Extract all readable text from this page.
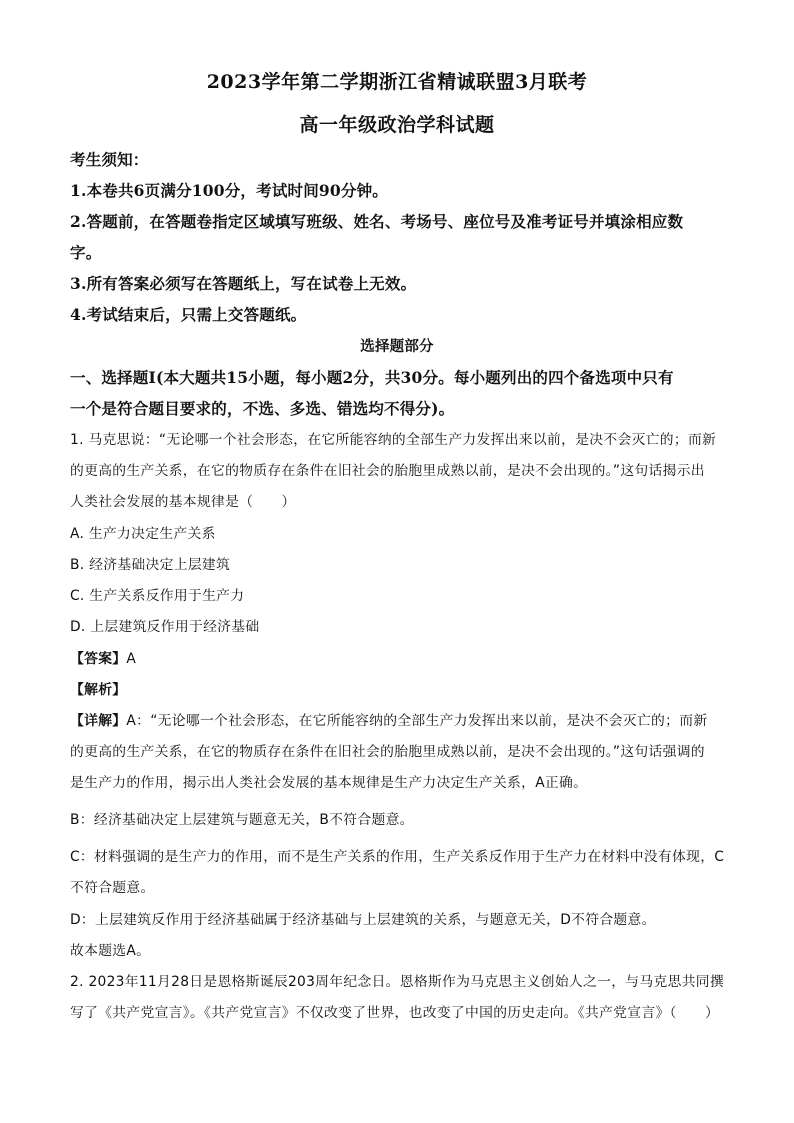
2023学年第二学期浙江省精诚联盟3月联考
高一年级政治学科试题
考生须知：
1.本卷共6页满分100分，考试时间90分钟。
2.答题前，在答题卷指定区域填写班级、姓名、考场号、座位号及准考证号并填涂相应数
字。
3.所有答案必须写在答题纸上，写在试卷上无效。
4.考试结束后，只需上交答题纸。
选择题部分
一、选择题Ⅰ(本大题共15小题，每小题2分，共30分。每小题列出的四个备选项中只有
一个是符合题目要求的，不选、多选、错选均不得分)。
1. 马克思说：“无论哪一个社会形态，在它所能容纳的全部生产力发挥出来以前，是决不会灭亡的；而新
的更高的生产关系，在它的物质存在条件在旧社会的胎胞里成熟以前，是决不会出现的。”这句话揭示出
人类社会发展的基本规律是（　　）
A. 生产力决定生产关系
B. 经济基础决定上层建筑
C. 生产关系反作用于生产力
D. 上层建筑反作用于经济基础
【答案】A
【解析】
【详解】A：“无论哪一个社会形态，在它所能容纳的全部生产力发挥出来以前，是决不会灭亡的；而新
的更高的生产关系，在它的物质存在条件在旧社会的胎胞里成熟以前，是决不会出现的。”这句话强调的
是生产力的作用，揭示出人类社会发展的基本规律是生产力决定生产关系，A正确。
B：经济基础决定上层建筑与题意无关，B不符合题意。
C：材料强调的是生产力的作用，而不是生产关系的作用，生产关系反作用于生产力在材料中没有体现，C
不符合题意。
D：上层建筑反作用于经济基础属于经济基础与上层建筑的关系，与题意无关，D不符合题意。
故本题选A。
2. 2023年11月28日是恩格斯诞辰203周年纪念日。恩格斯作为马克思主义创始人之一，与马克思共同撰
写了《共产党宣言》。《共产党宣言》不仅改变了世界，也改变了中国的历史走向。《共产党宣言》（　　）
